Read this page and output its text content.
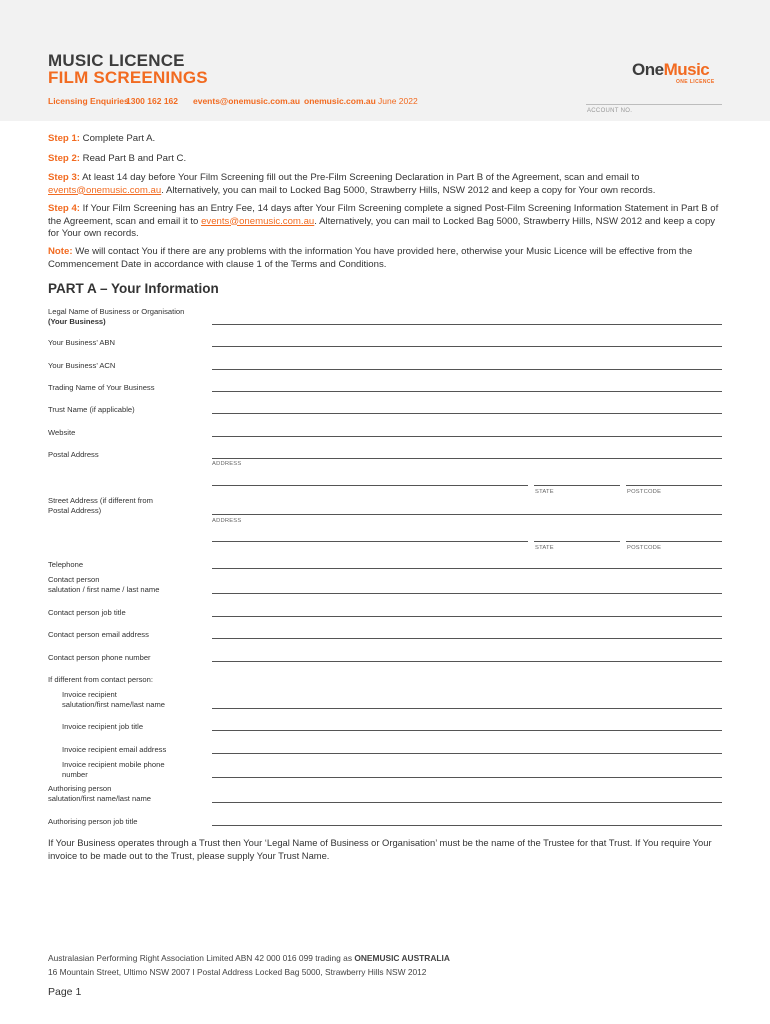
MUSIC LICENCE
FILM SCREENINGS
Licensing Enquiries
1300 162 162 events@onemusic.com.au onemusic.com.au June 2022
OneMusic
ONE LICENCE
ACCOUNT NO.
Step 1: Complete Part A.
Step 2: Read Part B and Part C.
Step 3: At least 14 day before Your Film Screening fill out the Pre-Film Screening Declaration in Part B of the Agreement, scan and email to events@onemusic.com.au. Alternatively, you can mail to Locked Bag 5000, Strawberry Hills, NSW 2012 and keep a copy for Your own records.
Step 4: If Your Film Screening has an Entry Fee, 14 days after Your Film Screening complete a signed Post-Film Screening Information Statement in Part B of the Agreement, scan and email it to events@onemusic.com.au. Alternatively, you can mail to Locked Bag 5000, Strawberry Hills, NSW 2012 and keep a copy for Your own records.
Note: We will contact You if there are any problems with the information You have provided here, otherwise your Music Licence will be effective from the Commencement Date in accordance with clause 1 of the Terms and Conditions.
PART A – Your Information
Legal Name of Business or Organisation
(Your Business)
Your Business’ ABN
Your Business’ ACN
Trading Name of Your Business
Trust Name (if applicable)
Website
Postal Address
ADDRESS
STATE	POSTCODE
Street Address (if different from
Postal Address)
ADDRESS
STATE	POSTCODE
Telephone
Contact person
salutation / first name / last name
Contact person job title
Contact person email address
Contact person phone number
If different from contact person:
Invoice recipient
salutation/first name/last name
Invoice recipient job title
Invoice recipient email address
Invoice recipient mobile phone
number
Authorising person
salutation/first name/last name
Authorising person job title
If Your Business operates through a Trust then Your ‘Legal Name of Business or Organisation’ must be the name of the Trustee for that Trust. If You require Your invoice to be made out to the Trust, please supply Your Trust Name.
Australasian Performing Right Association Limited ABN 42 000 016 099 trading as ONEMUSIC AUSTRALIA
16 Mountain Street, Ultimo NSW 2007 I Postal Address Locked Bag 5000, Strawberry Hills NSW 2012
Page 1
